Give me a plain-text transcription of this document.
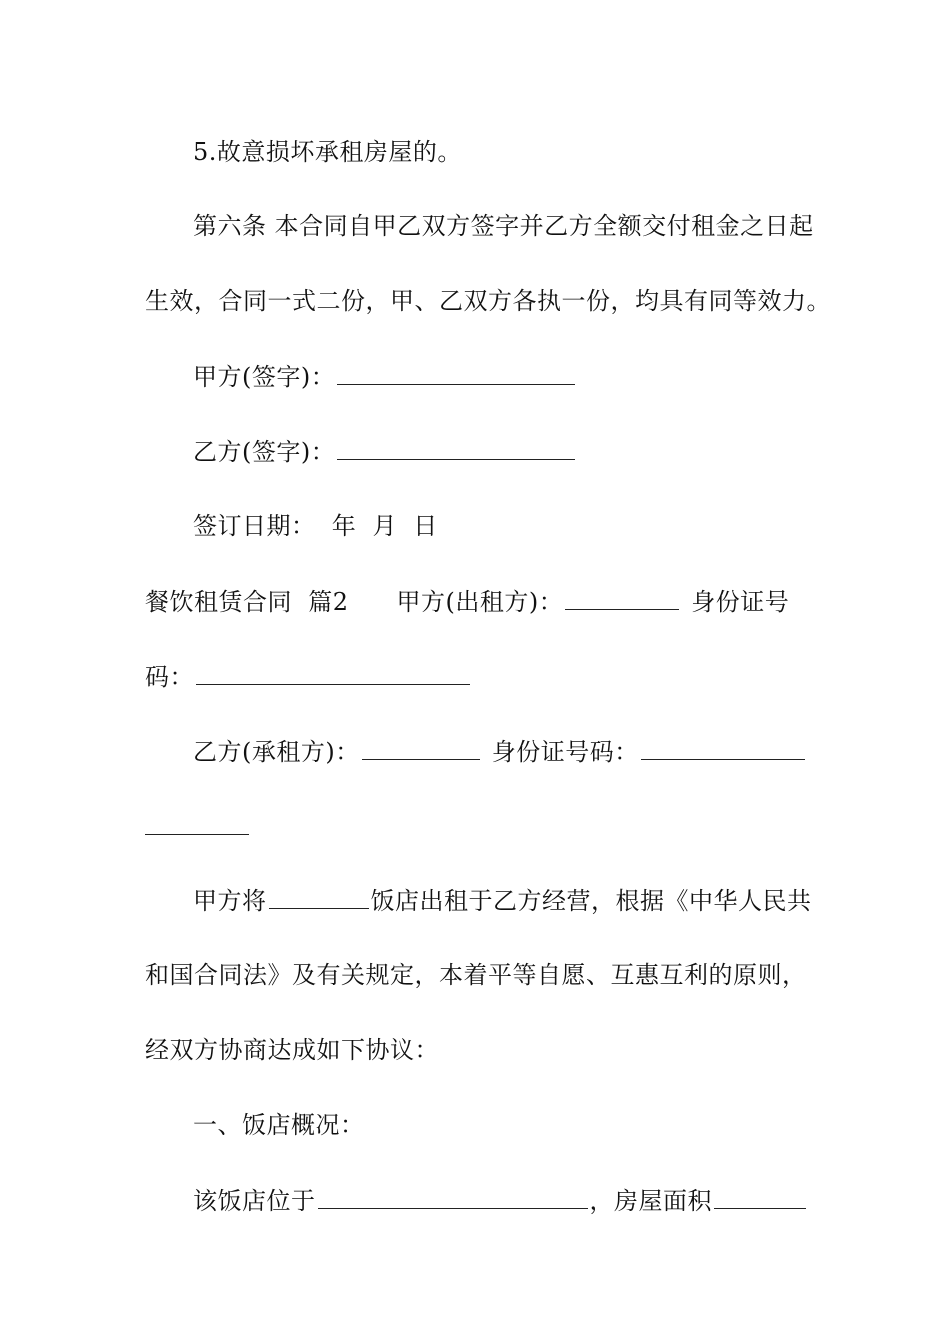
5.故意损坏承租房屋的。
第六条 本合同自甲乙双方签字并乙方全额交付租金之日起
生效，合同一式二份，甲、乙双方各执一份，均具有同等效力。
甲方(签字)：
乙方(签字)：
签订日期：  年  月  日
餐饮租赁合同  篇2 甲方(出租方)：	身份证号
码：
乙方(承租方)：	身份证号码：
甲方将	饭店出租于乙方经营，根据《中华人民共
和国合同法》及有关规定，本着平等自愿、互惠互利的原则，
经双方协商达成如下协议：
一、饭店概况：
该饭店位于	，房屋面积
